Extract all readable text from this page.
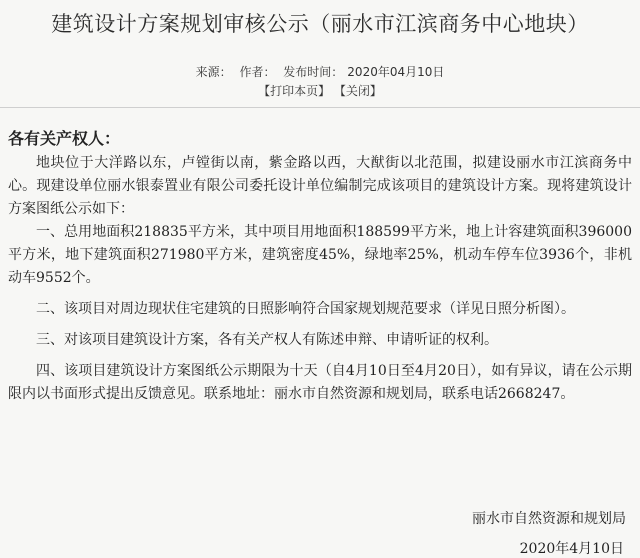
建筑设计方案规划审核公示（丽水市江滨商务中心地块）
来源： 作者： 发布时间： 2020年04月10日
【打印本页】 【关闭】
各有关产权人：

地块位于大洋路以东，卢镗街以南，紫金路以西，大猷街以北范围，拟建设丽水市江滨商务中心。现建设单位丽水银泰置业有限公司委托设计单位编制完成该项目的建筑设计方案。现将建筑设计方案图纸公示如下：

一、总用地面积218835平方米，其中项目用地面积188599平方米，地上计容建筑面积396000平方米，地下建筑面积271980平方米，建筑密度45%，绿地率25%，机动车停车位3936个，非机动车9552个。

二、该项目对周边现状住宅建筑的日照影响符合国家规划规范要求（详见日照分析图）。

三、对该项目建筑设计方案，各有关产权人有陈述申辩、申请听证的权利。

四、该项目建筑设计方案图纸公示期限为十天（自4月10日至4月20日），如有异议，请在公示期限内以书面形式提出反馈意见。联系地址：丽水市自然资源和规划局，联系电话2668247。

丽水市自然资源和规划局
2020年4月10日
